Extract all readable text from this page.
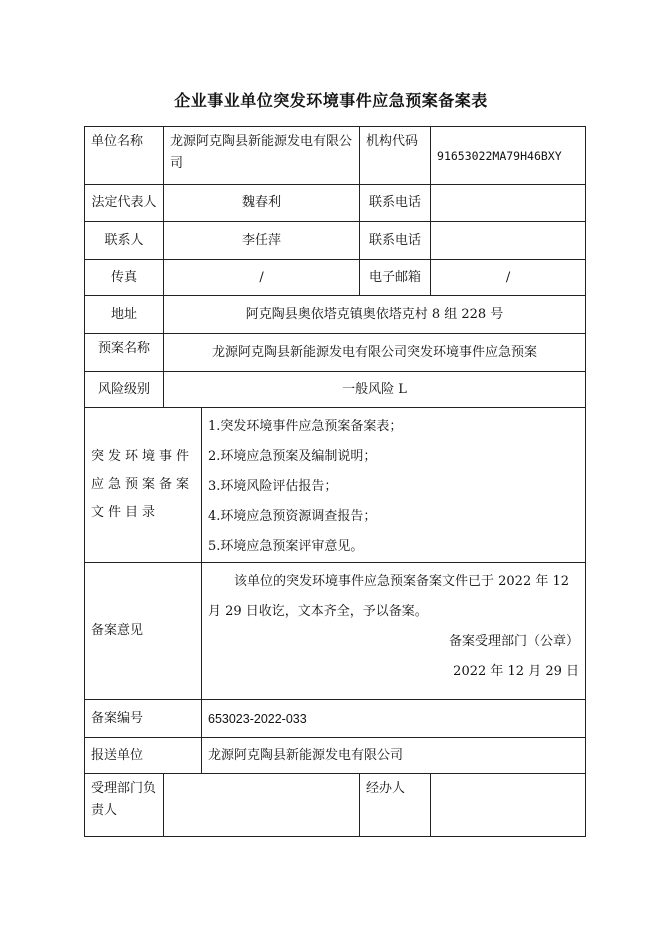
企业事业单位突发环境事件应急预案备案表
单位名称	龙源阿克陶县新能源发电有限公司		机构代码	91653022MA79H46BXY
法定代表人	魏春利		联系电话	
联系人	李任萍		联系电话	
传真	/		电子邮箱	/
地址	阿克陶县奥依塔克镇奥依塔克村 8 组 228 号			
预案名称	龙源阿克陶县新能源发电有限公司突发环境事件应急预案			
风险级别	一般风险 L			
突发环境事件应急预案备案文件目录		1.突发环境事件应急预案备案表；
2.环境应急预案及编制说明；
3.环境风险评估报告；
4.环境应急预资源调查报告；
5.环境应急预案评审意见。		

备案意见		该单位的突发环境事件应急预案备案文件已于 2022 年 12 月 29 日收讫，文本齐全，予以备案。

备案受理部门（公章）

2022 年 12 月 29 日		

备案编号		653023-2022-033		
报送单位		龙源阿克陶县新能源发电有限公司		
受理部门负责人			经办人	
